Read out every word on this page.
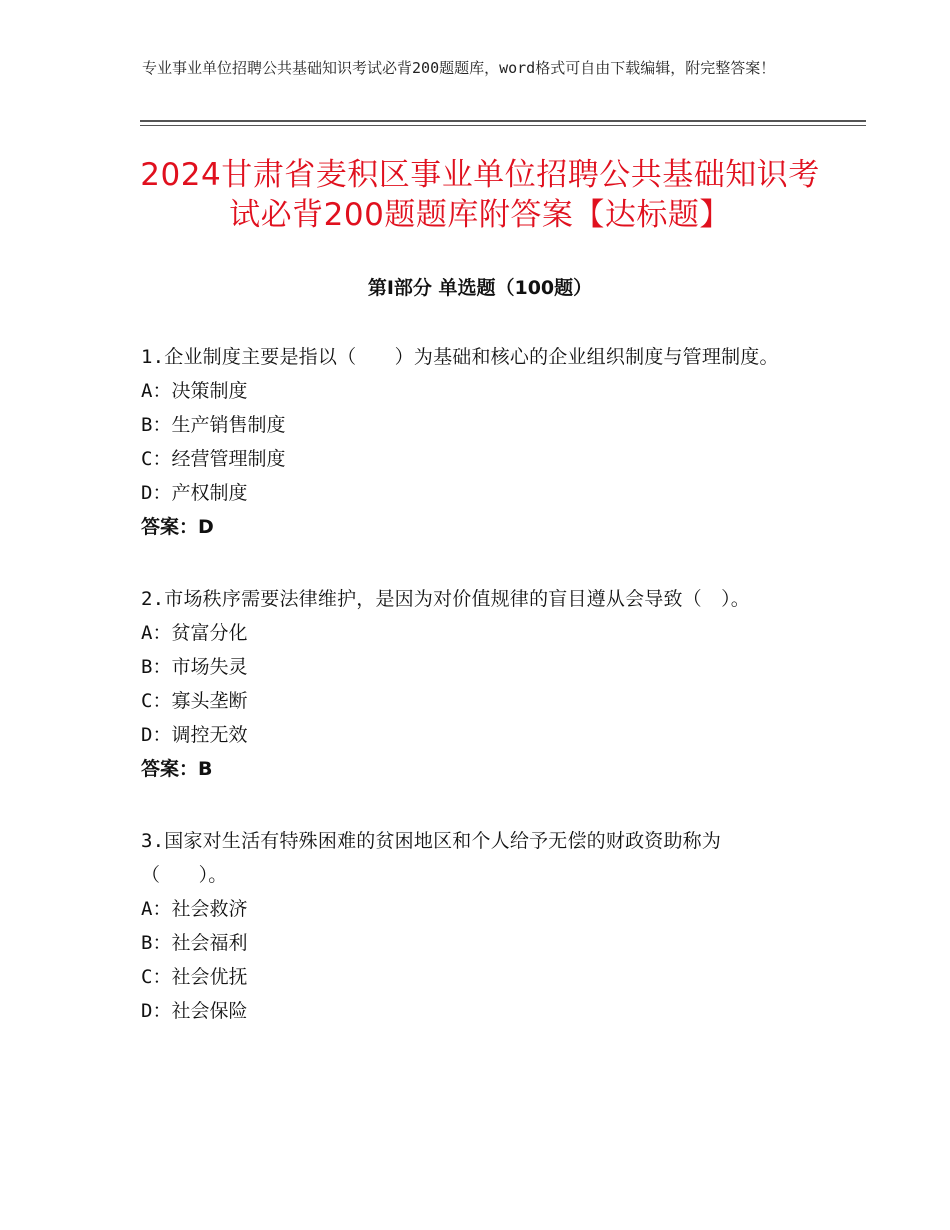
专业事业单位招聘公共基础知识考试必背200题题库，word格式可自由下载编辑，附完整答案！
2024甘肃省麦积区事业单位招聘公共基础知识考试必背200题题库附答案【达标题】
第I部分 单选题（100题）
1.企业制度主要是指以（　　）为基础和核心的企业组织制度与管理制度。
A：决策制度
B：生产销售制度
C：经营管理制度
D：产权制度
答案：D
2.市场秩序需要法律维护，是因为对价值规律的盲目遵从会导致（　）。
A：贫富分化
B：市场失灵
C：寡头垄断
D：调控无效
答案：B
3.国家对生活有特殊困难的贫困地区和个人给予无偿的财政资助称为（　　）。
A：社会救济
B：社会福利
C：社会优抚
D：社会保险
